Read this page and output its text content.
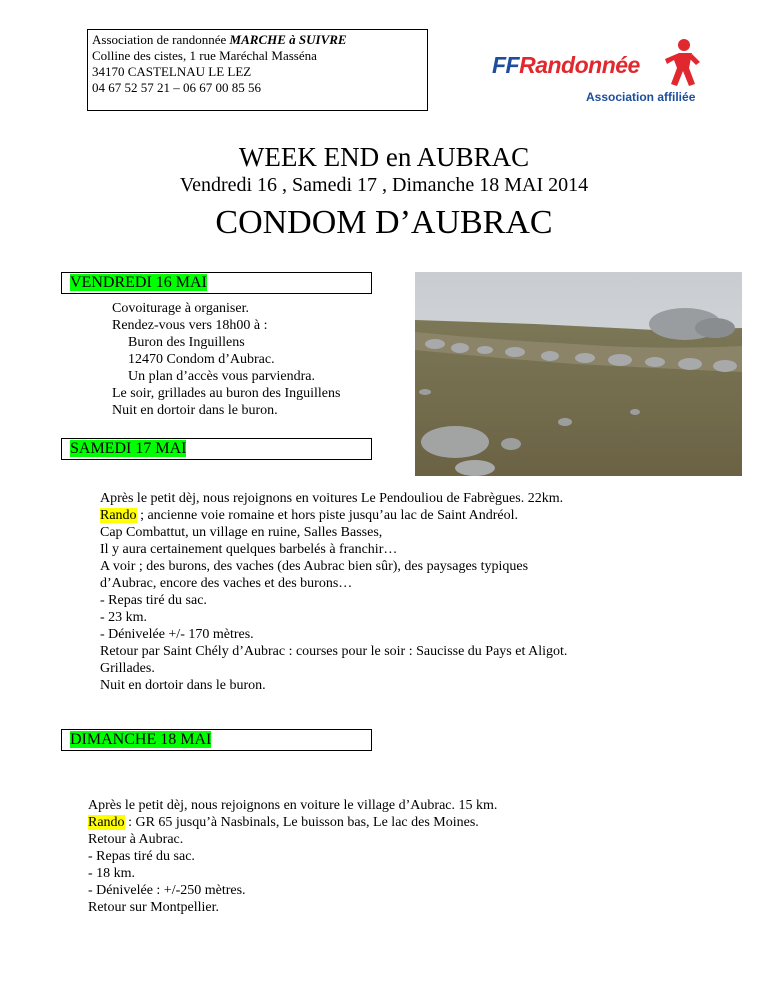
Association de randonnée MARCHE à SUIVRE
Colline des cistes, 1 rue Maréchal Masséna
34170 CASTELNAU LE LEZ
04 67 52 57 21 – 06 67 00 85 56
FFRandonnée
Association affiliée
WEEK END en AUBRAC
Vendredi 16 , Samedi 17 , Dimanche 18 MAI 2014
CONDOM D’AUBRAC
VENDREDI 16 MAI
Covoiturage à organiser.
Rendez-vous vers 18h00 à :
Buron des Inguillens
12470 Condom d’Aubrac.
Un plan d’accès vous parviendra.
Le soir, grillades au buron des Inguillens
Nuit en dortoir dans le buron.
SAMEDI 17 MAI
Après le petit dèj, nous rejoignons en voitures Le Pendouliou de Fabrègues. 22km.
Rando ; ancienne voie romaine et hors piste jusqu’au lac de Saint Andréol.
Cap Combattut, un village en ruine, Salles Basses,
Il y aura certainement quelques barbelés à franchir…
A voir ; des burons, des vaches (des Aubrac bien sûr), des paysages typiques
d’Aubrac, encore des vaches et des burons…
- Repas tiré du sac.
- 23 km.
- Dénivelée +/- 170 mètres.
Retour par Saint Chély d’Aubrac : courses pour le soir : Saucisse du Pays et Aligot.
Grillades.
Nuit en dortoir dans le buron.
DIMANCHE 18 MAI
Après le petit dèj, nous rejoignons en voiture le village d’Aubrac. 15 km.
Rando : GR 65 jusqu’à Nasbinals, Le buisson bas, Le lac des Moines.
Retour à Aubrac.
- Repas tiré du sac.
- 18 km.
- Dénivelée : +/-250 mètres.
Retour sur Montpellier.
